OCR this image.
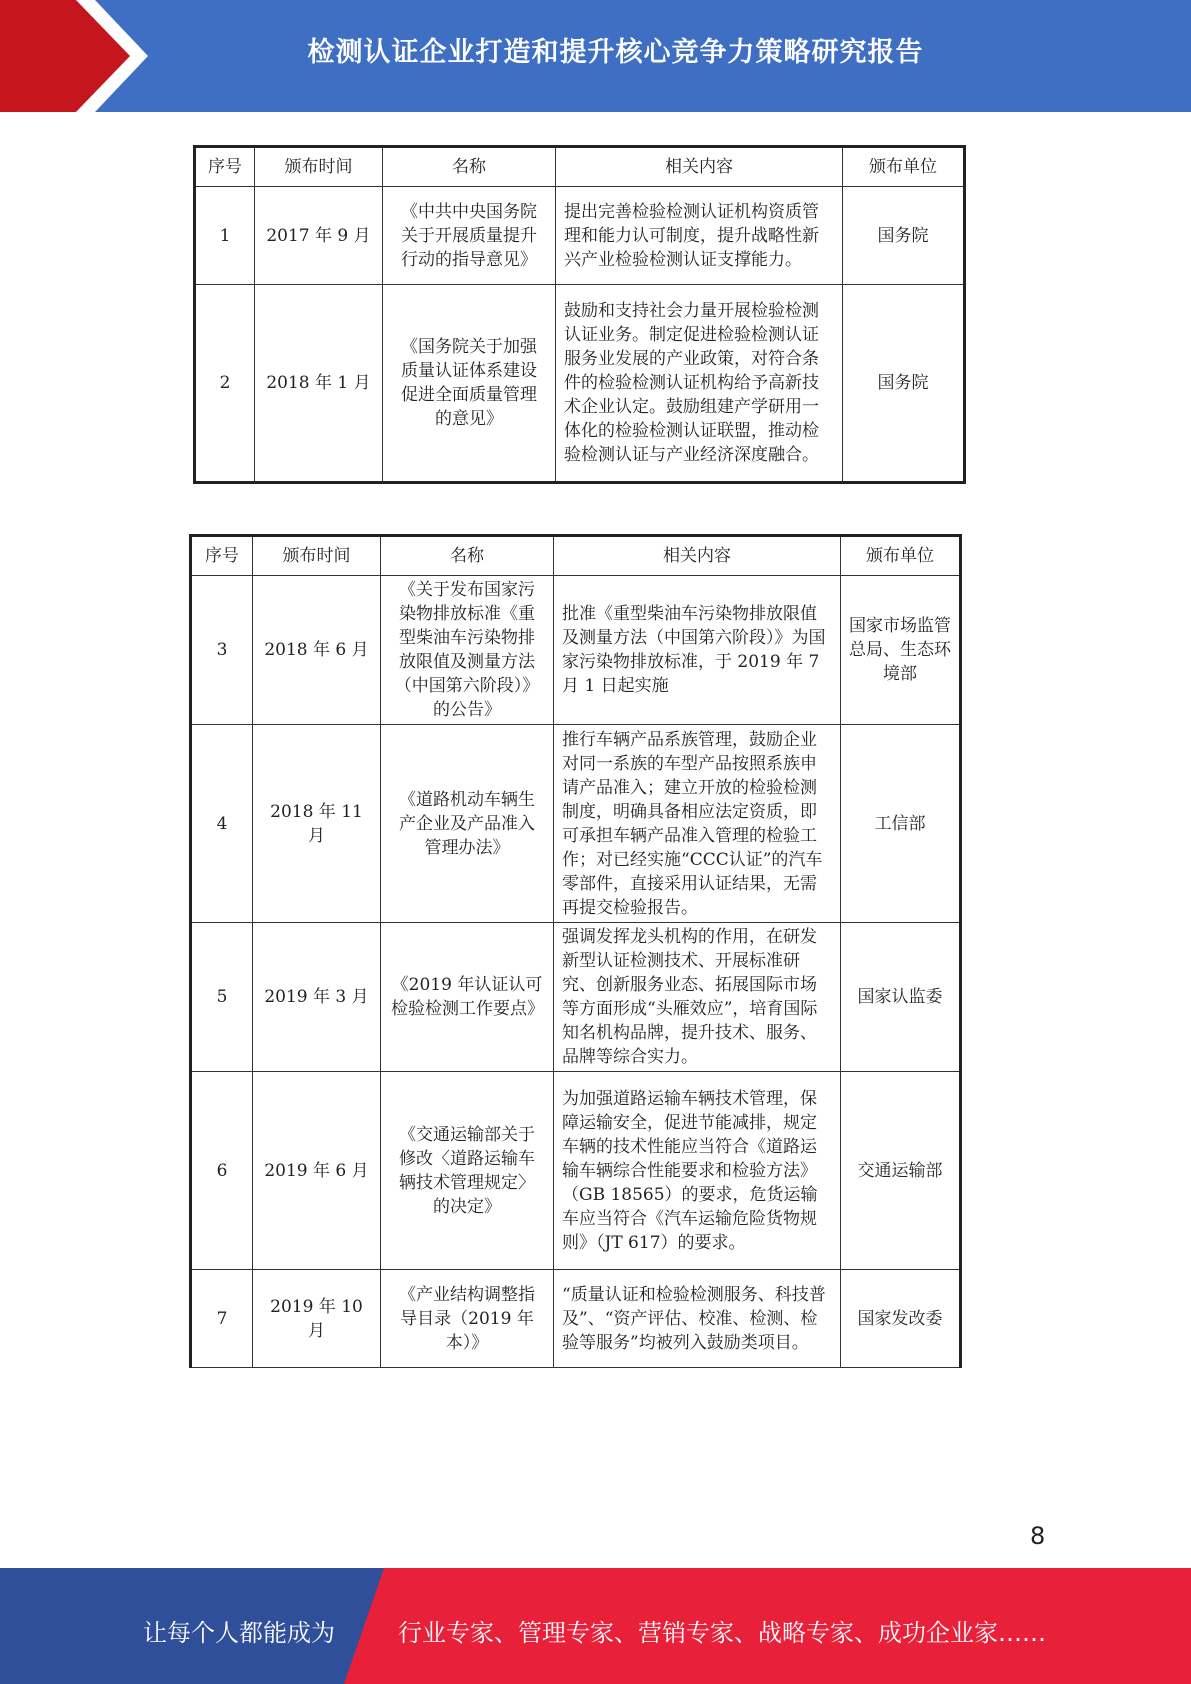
检测认证企业打造和提升核心竞争力策略研究报告
序号	颁布时间	名称	相关内容	颁布单位
1	2017 年 9 月	《中共中央国务院关于开展质量提升行动的指导意见》	提出完善检验检测认证机构资质管理和能力认可制度，提升战略性新兴产业检验检测认证支撑能力。	国务院
2	2018 年 1 月	《国务院关于加强质量认证体系建设促进全面质量管理的意见》	鼓励和支持社会力量开展检验检测认证业务。制定促进检验检测认证服务业发展的产业政策，对符合条件的检验检测认证机构给予高新技术企业认定。鼓励组建产学研用一体化的检验检测认证联盟，推动检验检测认证与产业经济深度融合。	国务院
序号	颁布时间	名称	相关内容	颁布单位
3	2018 年 6 月	《关于发布国家污染物排放标准《重型柴油车污染物排放限值及测量方法（中国第六阶段）》的公告》	批准《重型柴油车污染物排放限值及测量方法（中国第六阶段）》为国家污染物排放标准，于 2019 年 7 月 1 日起实施	国家市场监管总局、生态环境部
4	2018 年 11 月	《道路机动车辆生产企业及产品准入管理办法》	推行车辆产品系族管理，鼓励企业对同一系族的车型产品按照系族申请产品准入；建立开放的检验检测制度，明确具备相应法定资质，即可承担车辆产品准入管理的检验工作；对已经实施“CCC认证”的汽车零部件，直接采用认证结果，无需再提交检验报告。	工信部
5	2019 年 3 月	《2019 年认证认可检验检测工作要点》	强调发挥龙头机构的作用，在研发新型认证检测技术、开展标准研究、创新服务业态、拓展国际市场等方面形成“头雁效应”，培育国际知名机构品牌，提升技术、服务、品牌等综合实力。	国家认监委
6	2019 年 6 月	《交通运输部关于修改〈道路运输车辆技术管理规定〉的决定》	为加强道路运输车辆技术管理，保障运输安全，促进节能减排，规定车辆的技术性能应当符合《道路运输车辆综合性能要求和检验方法》（GB 18565）的要求，危货运输车应当符合《汽车运输危险货物规则》（JT 617）的要求。	交通运输部
7	2019 年 10 月	《产业结构调整指导目录（2019 年本）》	“质量认证和检验检测服务、科技普及”、“资产评估、校准、检测、检验等服务”均被列入鼓励类项目。	国家发改委
8
让每个人都能成为	行业专家、管理专家、营销专家、战略专家、成功企业家……
